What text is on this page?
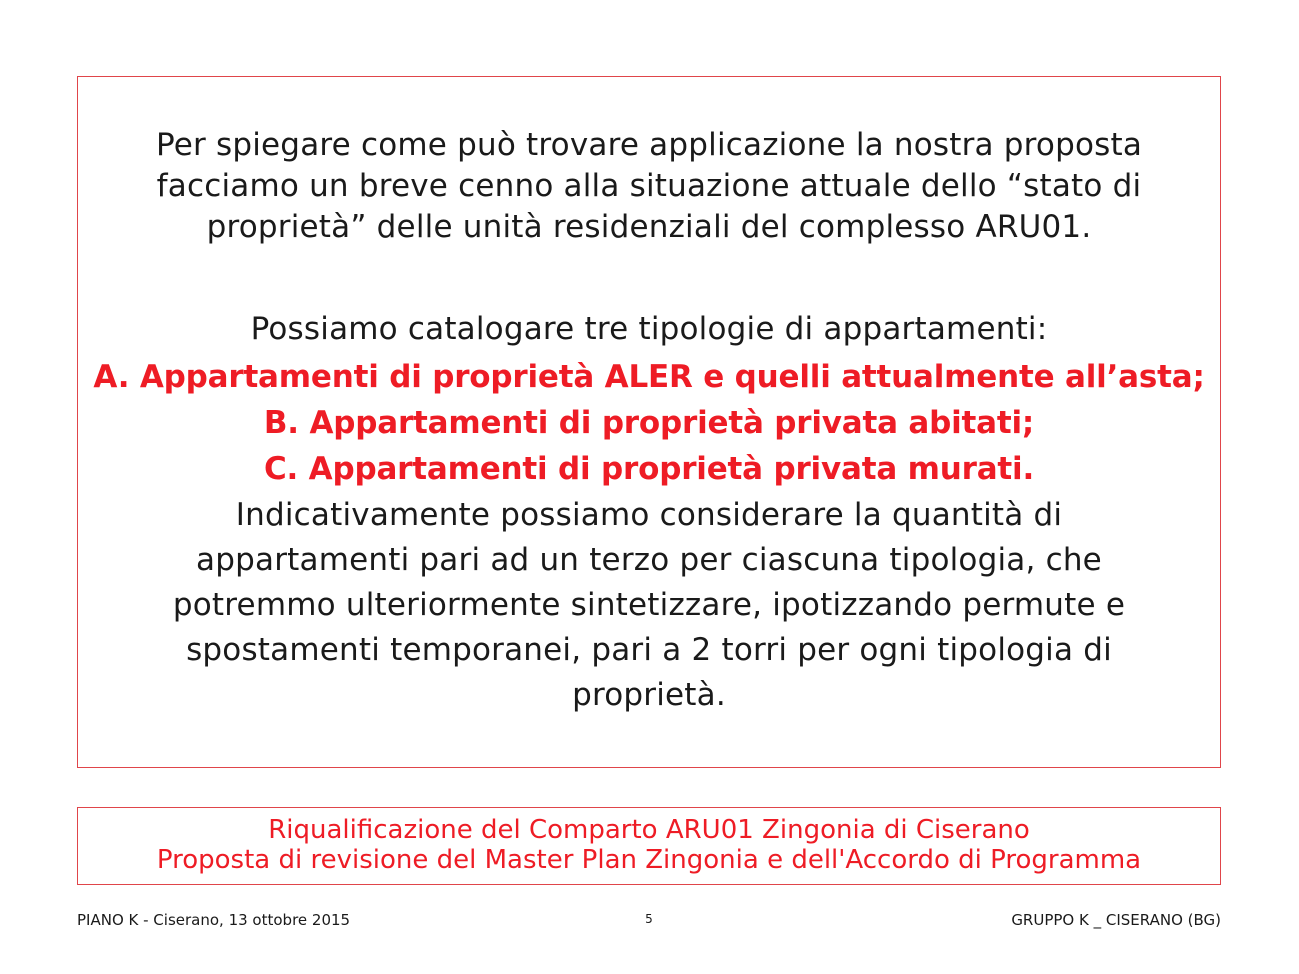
Per spiegare come può trovare applicazione la nostra proposta
facciamo un breve cenno alla situazione attuale dello “stato di
proprietà” delle unità residenziali del complesso ARU01.
Possiamo catalogare tre tipologie di appartamenti:
A. Appartamenti di proprietà ALER e quelli attualmente all’asta;
B. Appartamenti di proprietà privata abitati;
C. Appartamenti di proprietà privata murati.
Indicativamente possiamo considerare la quantità di
appartamenti pari ad un terzo per ciascuna tipologia, che
potremmo ulteriormente sintetizzare, ipotizzando permute e
spostamenti temporanei, pari a 2 torri per ogni tipologia di
proprietà.
Riqualificazione del Comparto ARU01 Zingonia di Ciserano
Proposta di revisione del Master Plan Zingonia e dell'Accordo di Programma
PIANO K - Ciserano, 13 ottobre 2015	5	GRUPPO K _ CISERANO (BG)
